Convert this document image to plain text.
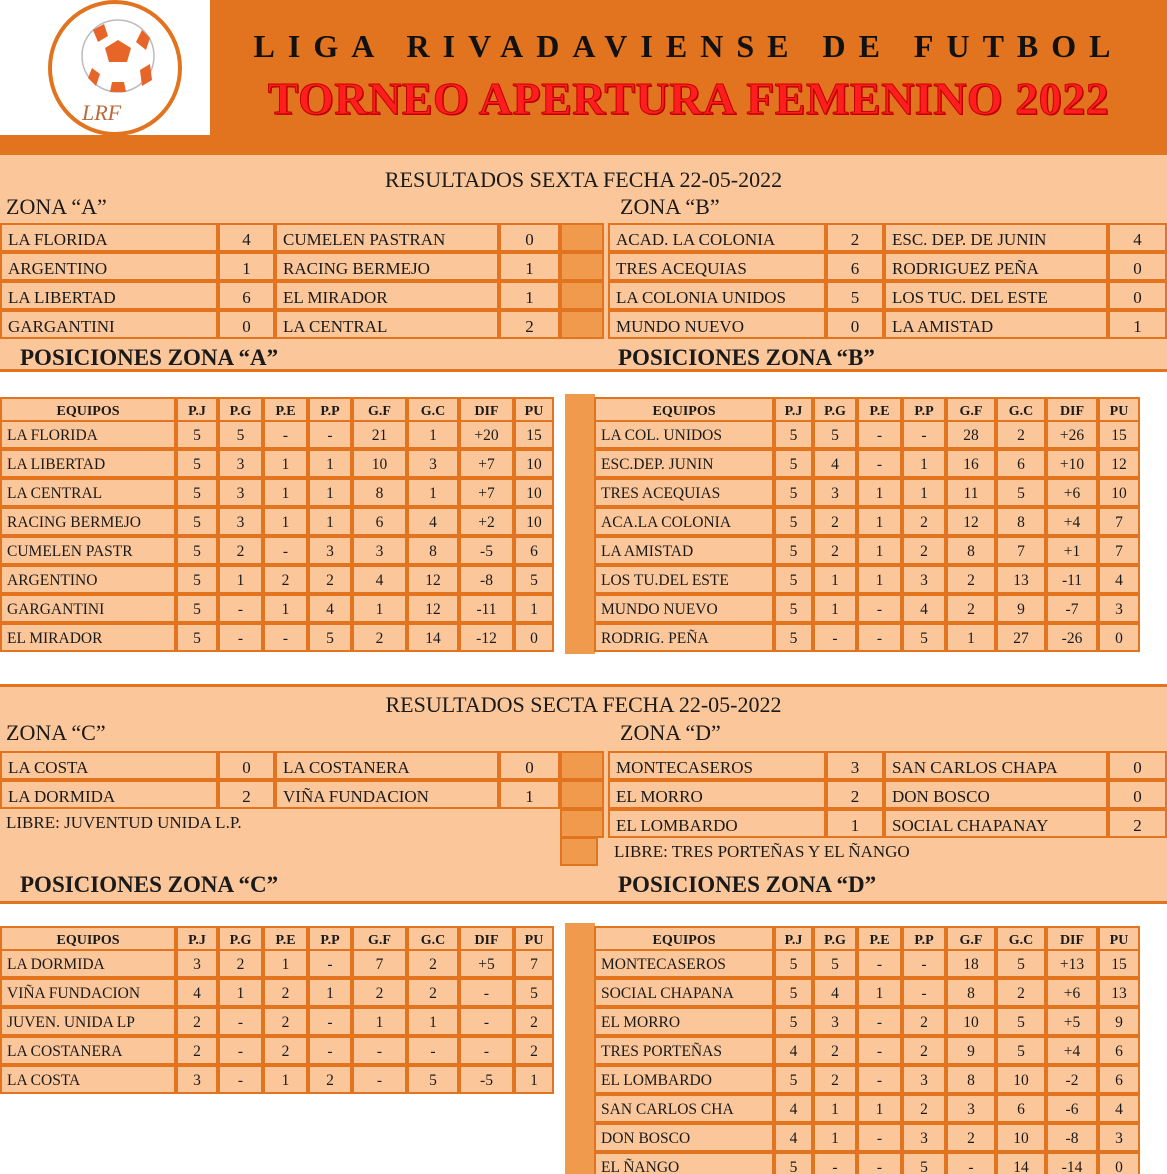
LRF
LIGA RIVADAVIENSE DE FUTBOL
TORNEO APERTURA FEMENINO 2022
RESULTADOS SEXTA FECHA 22-05-2022
ZONA “A”	ZONA “B”
LA FLORIDA	4	CUMELEN PASTRAN	0
ARGENTINO	1	RACING BERMEJO	1
LA LIBERTAD	6	EL MIRADOR	1
GARGANTINI	0	LA CENTRAL	2
ACAD. LA COLONIA	2	ESC. DEP. DE JUNIN	4
TRES ACEQUIAS	6	RODRIGUEZ PEÑA	0
LA COLONIA UNIDOS	5	LOS TUC. DEL ESTE	0
MUNDO NUEVO	0	LA AMISTAD	1
POSICIONES ZONA “A”	POSICIONES ZONA “B”
EQUIPOS	P.J	P.G	P.E	P.P	G.F	G.C	DIF	PU
LA FLORIDA	5	5	-	-	21	1	+20	15
LA LIBERTAD	5	3	1	1	10	3	+7	10
LA CENTRAL	5	3	1	1	8	1	+7	10
RACING BERMEJO	5	3	1	1	6	4	+2	10
CUMELEN PASTR	5	2	-	3	3	8	-5	6
ARGENTINO	5	1	2	2	4	12	-8	5
GARGANTINI	5	-	1	4	1	12	-11	1
EL MIRADOR	5	-	-	5	2	14	-12	0
EQUIPOS	P.J	P.G	P.E	P.P	G.F	G.C	DIF	PU
LA COL. UNIDOS	5	5	-	-	28	2	+26	15
ESC.DEP. JUNIN	5	4	-	1	16	6	+10	12
TRES ACEQUIAS	5	3	1	1	11	5	+6	10
ACA.LA COLONIA	5	2	1	2	12	8	+4	7
LA AMISTAD	5	2	1	2	8	7	+1	7
LOS TU.DEL ESTE	5	1	1	3	2	13	-11	4
MUNDO NUEVO	5	1	-	4	2	9	-7	3
RODRIG. PEÑA	5	-	-	5	1	27	-26	0
RESULTADOS SECTA FECHA 22-05-2022
ZONA “C”	ZONA “D”
LA COSTA	0	LA COSTANERA	0
LA DORMIDA	2	VIÑA FUNDACION	1
MONTECASEROS	3	SAN CARLOS CHAPA	0
EL MORRO	2	DON BOSCO	0
EL LOMBARDO	1	SOCIAL CHAPANAY	2
LIBRE: JUVENTUD UNIDA L.P.
LIBRE: TRES PORTEÑAS Y EL ÑANGO
POSICIONES ZONA “C”	POSICIONES ZONA “D”
EQUIPOS	P.J	P.G	P.E	P.P	G.F	G.C	DIF	PU
LA DORMIDA	3	2	1	-	7	2	+5	7
VIÑA FUNDACION	4	1	2	1	2	2	-	5
JUVEN. UNIDA LP	2	-	2	-	1	1	-	2
LA COSTANERA	2	-	2	-	-	-	-	2
LA COSTA	3	-	1	2	-	5	-5	1
EQUIPOS	P.J	P.G	P.E	P.P	G.F	G.C	DIF	PU
MONTECASEROS	5	5	-	-	18	5	+13	15
SOCIAL CHAPANA	5	4	1	-	8	2	+6	13
EL MORRO	5	3	-	2	10	5	+5	9
TRES PORTEÑAS	4	2	-	2	9	5	+4	6
EL LOMBARDO	5	2	-	3	8	10	-2	6
SAN CARLOS CHA	4	1	1	2	3	6	-6	4
DON BOSCO	4	1	-	3	2	10	-8	3
EL ÑANGO	5	-	-	5	-	14	-14	0
